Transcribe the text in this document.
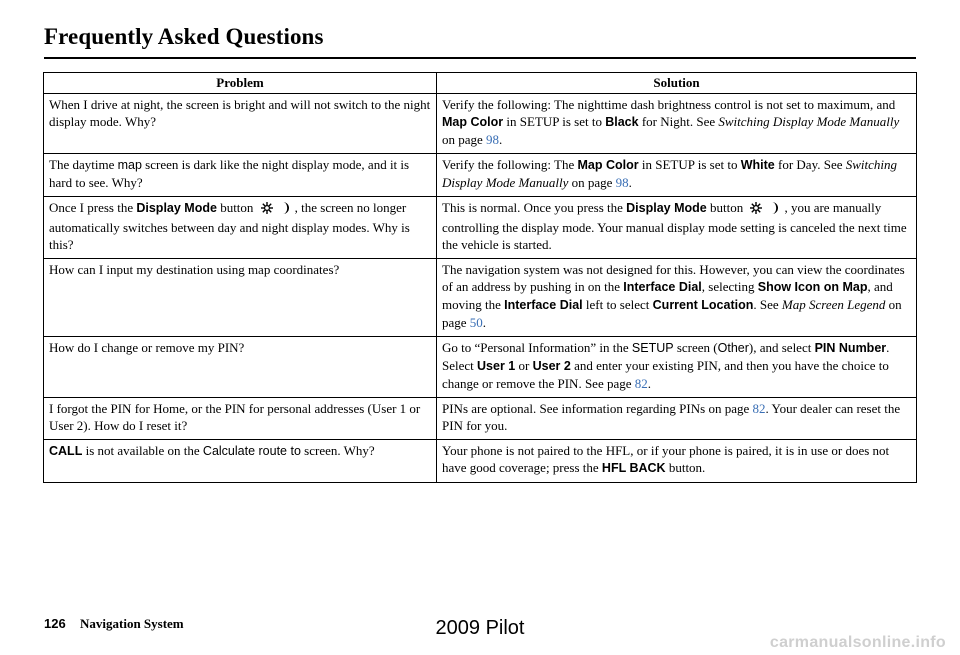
Frequently Asked Questions
Problem	Solution
When I drive at night, the screen is bright and will not switch to the night display mode. Why?	Verify the following: The nighttime dash brightness control is not set to maximum, and Map Color in SETUP is set to Black for Night. See Switching Display Mode Manually on page 98.
The daytime map screen is dark like the night display mode, and it is hard to see. Why?	Verify the following: The Map Color in SETUP is set to White for Day. See Switching Display Mode Manually on page 98.
Once I press the Display Mode button , the screen no longer automatically switches between day and night display modes. Why is this?	This is normal. Once you press the Display Mode button , you are manually controlling the display mode. Your manual display mode setting is canceled the next time the vehicle is started.
How can I input my destination using map coordinates?	The navigation system was not designed for this. However, you can view the coordinates of an address by pushing in on the Interface Dial, selecting Show Icon on Map, and moving the Interface Dial left to select Current Location. See Map Screen Legend on page 50.
How do I change or remove my PIN?	Go to “Personal Information” in the SETUP screen (Other), and select PIN Number. Select User 1 or User 2 and enter your existing PIN, and then you have the choice to change or remove the PIN. See page 82.
I forgot the PIN for Home, or the PIN for personal addresses (User 1 or User 2). How do I reset it?	PINs are optional. See information regarding PINs on page 82. Your dealer can reset the PIN for you.
CALL is not available on the Calculate route to screen. Why?	Your phone is not paired to the HFL, or if your phone is paired, it is in use or does not have good coverage; press the HFL BACK button.
126 Navigation System	2009 Pilot
carmanualsonline.info
